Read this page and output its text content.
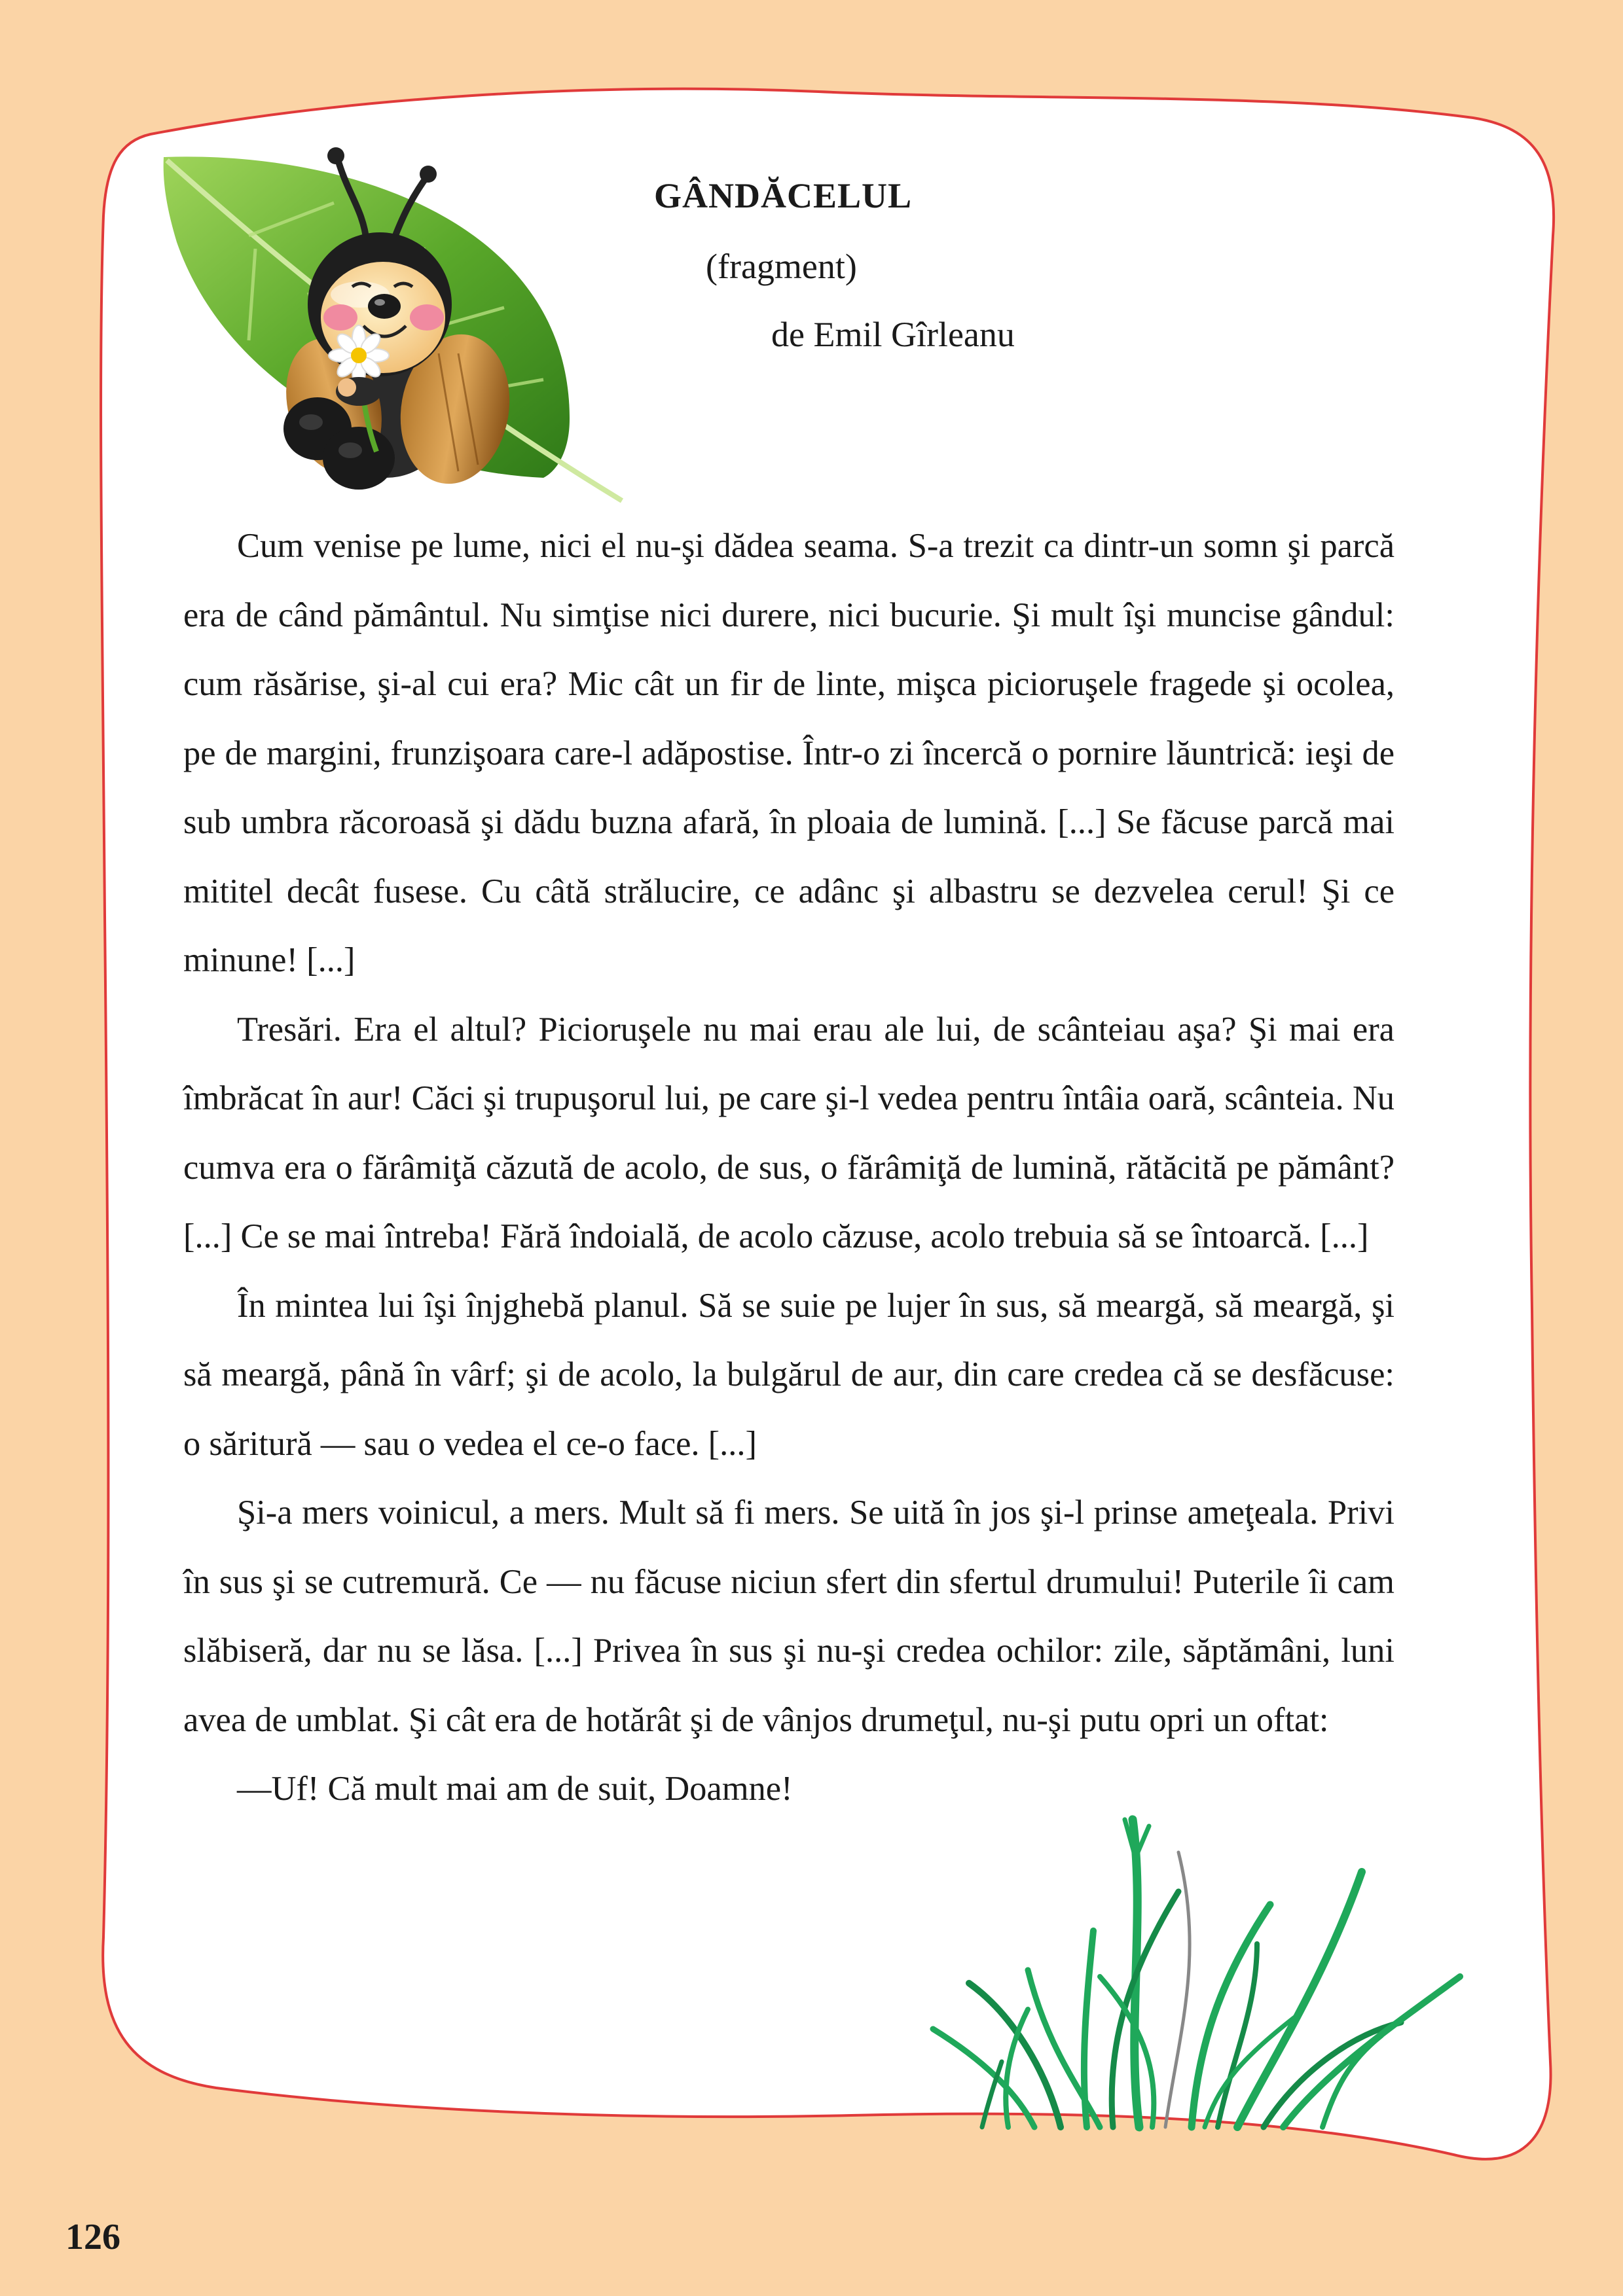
GÂNDĂCELUL
(fragment)
de Emil Gîrleanu

Cum venise pe lume, nici el nu-şi dădea seama. S-a trezit ca dintr-un somn şi parcă era de când pământul. Nu simţise nici durere, nici bucurie. Şi mult îşi muncise gândul: cum răsărise, şi-al cui era? Mic cât un fir de linte, mişca picioruşele fragede şi ocolea, pe de margini, frunzişoara care-l adăpostise. Într-o zi încercă o pornire lăuntrică: ieşi de sub umbra răcoroasă şi dădu buzna afară, în ploaia de lumină. [...] Se făcuse parcă mai mititel decât fusese. Cu câtă strălucire, ce adânc şi albastru se dezvelea cerul! Şi ce minune! [...]

Tresări. Era el altul? Picioruşele nu mai erau ale lui, de scânteiau aşa? Şi mai era îmbrăcat în aur! Căci şi trupuşorul lui, pe care şi-l vedea pentru întâia oară, scânteia. Nu cumva era o fărâmiţă căzută de acolo, de sus, o fărâmiţă de lumină, rătăcită pe pământ? [...] Ce se mai întreba! Fără îndoială, de acolo căzuse, acolo trebuia să se întoarcă. [...]

În mintea lui îşi înjghebă planul. Să se suie pe lujer în sus, să meargă, să meargă, şi să meargă, până în vârf; şi de acolo, la bulgărul de aur, din care credea că se desfăcuse: o săritură — sau o vedea el ce-o face. [...]

Şi-a mers voinicul, a mers. Mult să fi mers. Se uită în jos şi-l prinse ameţeala. Privi în sus şi se cutremură. Ce — nu făcuse niciun sfert din sfertul drumului! Puterile îi cam slăbiseră, dar nu se lăsa. [...] Privea în sus şi nu-şi credea ochilor: zile, săptămâni, luni avea de umblat. Şi cât era de hotărât şi de vânjos drumeţul, nu-şi putu opri un oftat:

—Uf! Că mult mai am de suit, Doamne!

126
